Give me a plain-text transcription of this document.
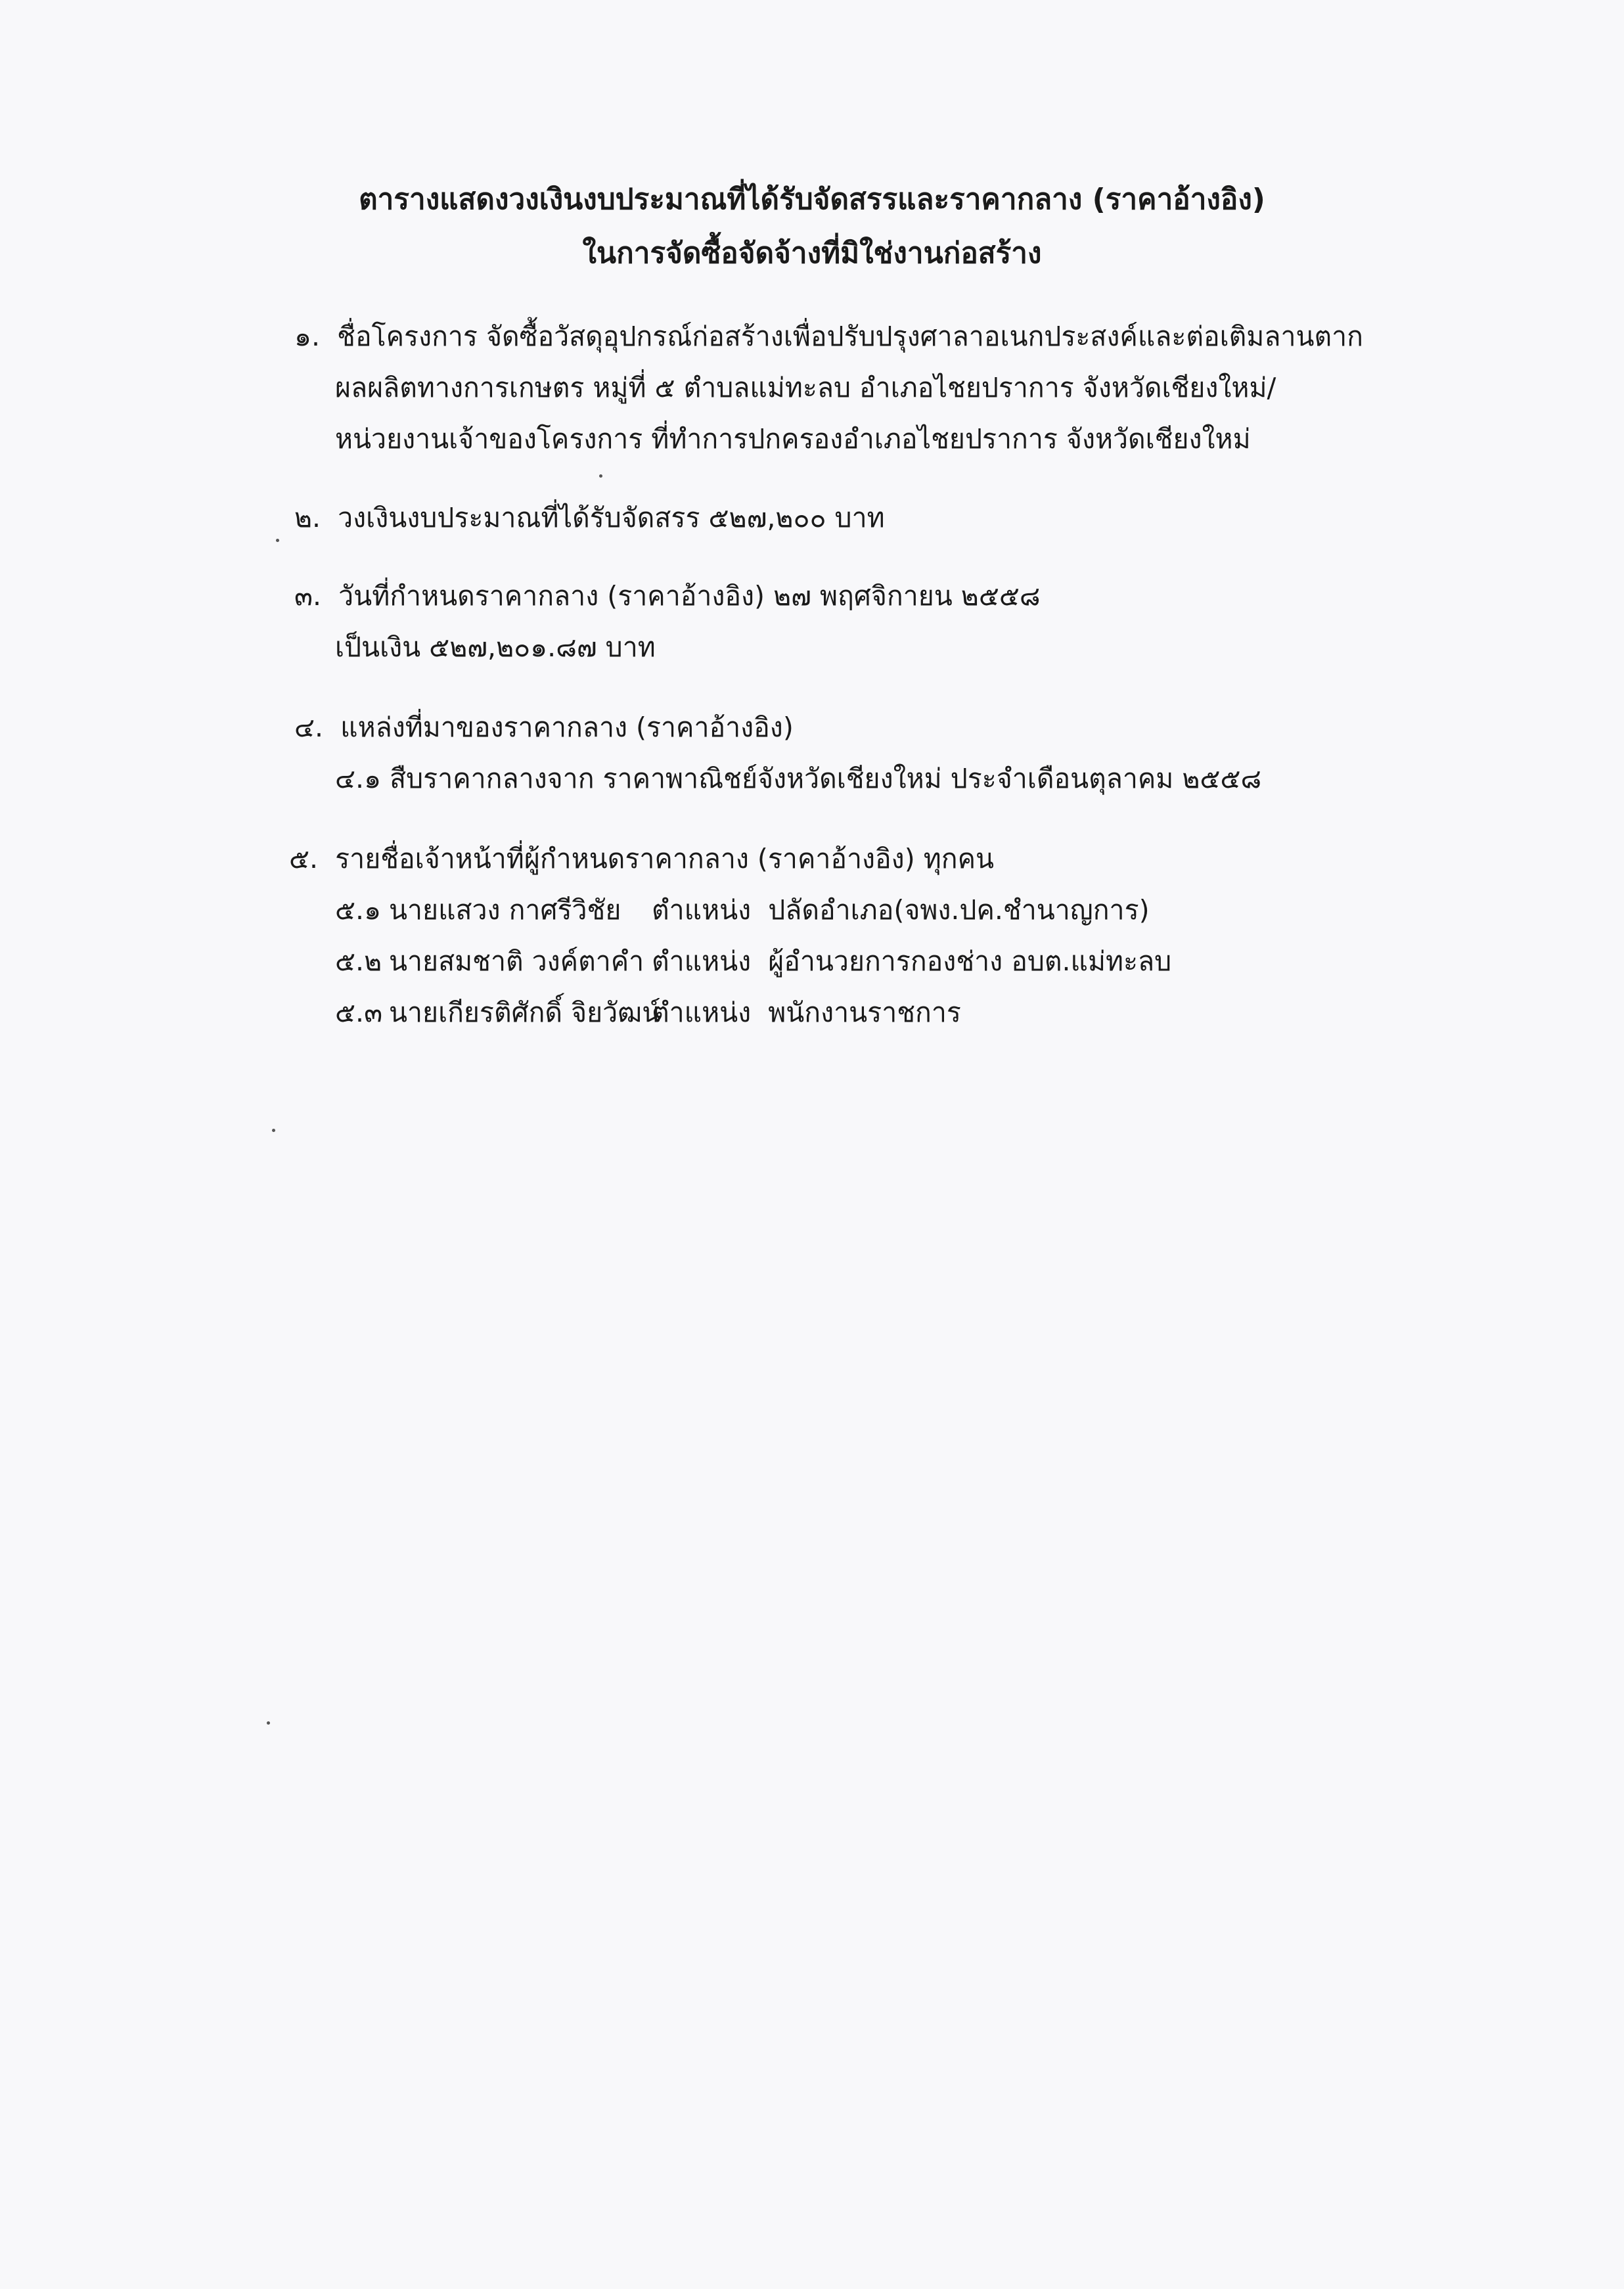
ตารางแสดงวงเงินงบประมาณที่ได้รับจัดสรรและราคากลาง (ราคาอ้างอิง)
ในการจัดซื้อจัดจ้างที่มิใช่งานก่อสร้าง
๑. ชื่อโครงการ จัดซื้อวัสดุอุปกรณ์ก่อสร้างเพื่อปรับปรุงศาลาอเนกประสงค์และต่อเติมลานตาก
ผลผลิตทางการเกษตร หมู่ที่ ๕ ตำบลแม่ทะลบ อำเภอไชยปราการ จังหวัดเชียงใหม่/
หน่วยงานเจ้าของโครงการ ที่ทำการปกครองอำเภอไชยปราการ จังหวัดเชียงใหม่
๒. วงเงินงบประมาณที่ได้รับจัดสรร ๕๒๗,๒๐๐ บาท
๓. วันที่กำหนดราคากลาง (ราคาอ้างอิง) ๒๗ พฤศจิกายน ๒๕๕๘
เป็นเงิน ๕๒๗,๒๐๑.๘๗ บาท
๔. แหล่งที่มาของราคากลาง (ราคาอ้างอิง)
๔.๑ สืบราคากลางจาก ราคาพาณิชย์จังหวัดเชียงใหม่ ประจำเดือนตุลาคม ๒๕๕๘
๕. รายชื่อเจ้าหน้าที่ผู้กำหนดราคากลาง (ราคาอ้างอิง) ทุกคน
๕.๑ นายแสวง กาศรีวิชัย ตำแหน่ง ปลัดอำเภอ(จพง.ปค.ชำนาญการ)
๕.๒ นายสมชาติ วงค์ตาคำ ตำแหน่ง ผู้อำนวยการกองช่าง อบต.แม่ทะลบ
๕.๓ นายเกียรติศักดิ์ จิยวัฒน์ตำแหน่ง พนักงานราชการ
